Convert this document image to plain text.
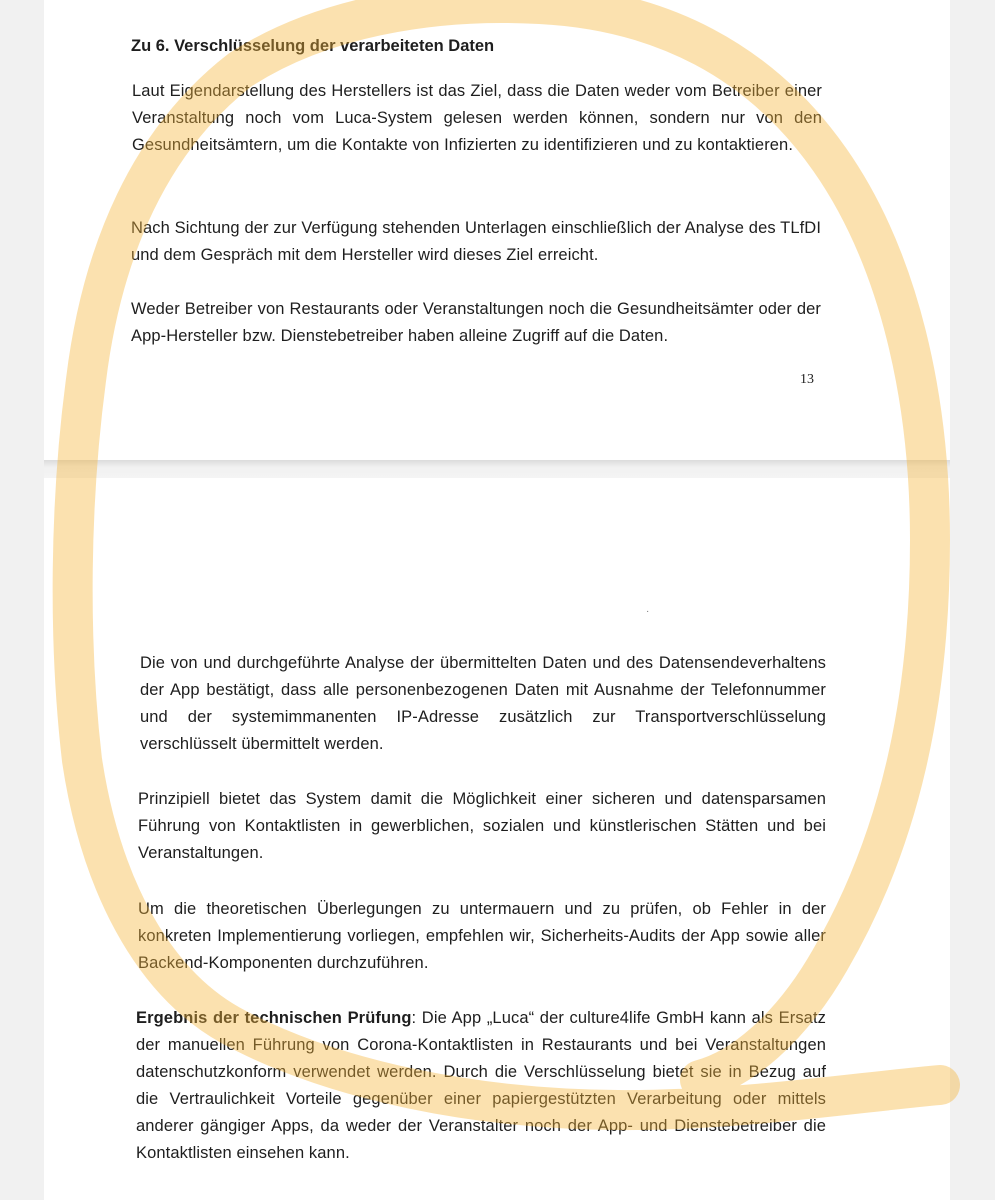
Zu 6. Verschlüsselung der verarbeiteten Daten

Laut Eigendarstellung des Herstellers ist das Ziel, dass die Daten weder vom Betreiber einer Veranstaltung noch vom Luca-System gelesen werden können, sondern nur von den Gesundheitsämtern, um die Kontakte von Infizierten zu identifizieren und zu kontaktieren.

Nach Sichtung der zur Verfügung stehenden Unterlagen einschließlich der Analyse des TLfDI und dem Gespräch mit dem Hersteller wird dieses Ziel erreicht.

Weder Betreiber von Restaurants oder Veranstaltungen noch die Gesundheitsämter oder der App-Hersteller bzw. Dienstebetreiber haben alleine Zugriff auf die Daten.

13
·

Die von und durchgeführte Analyse der übermittelten Daten und des Datensendeverhaltens der App bestätigt, dass alle personenbezogenen Daten mit Ausnahme der Telefonnummer und der systemimmanenten IP-Adresse zusätzlich zur Transportverschlüsselung verschlüsselt übermittelt werden.

Prinzipiell bietet das System damit die Möglichkeit einer sicheren und datensparsamen Führung von Kontaktlisten in gewerblichen, sozialen und künstlerischen Stätten und bei Veranstaltungen.

Um die theoretischen Überlegungen zu untermauern und zu prüfen, ob Fehler in der konkreten Implementierung vorliegen, empfehlen wir, Sicherheits-Audits der App sowie aller Backend-Komponenten durchzuführen.

Ergebnis der technischen Prüfung: Die App „Luca“ der culture4life GmbH kann als Ersatz der manuellen Führung von Corona-Kontaktlisten in Restaurants und bei Veranstaltungen datenschutzkonform verwendet werden. Durch die Verschlüsselung bietet sie in Bezug auf die Vertraulichkeit Vorteile gegenüber einer papiergestützten Verarbeitung oder mittels anderer gängiger Apps, da weder der Veranstalter noch der App- und Dienstebetreiber die Kontaktlisten einsehen kann.
